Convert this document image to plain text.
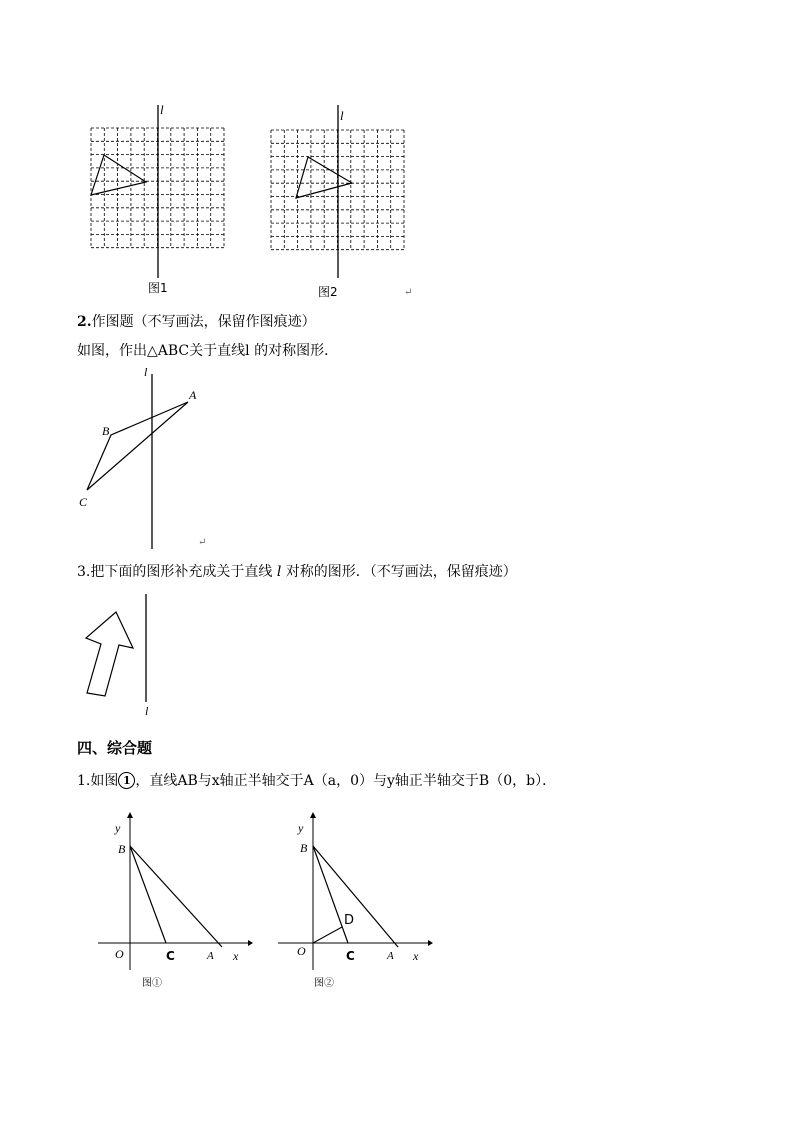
l
图1
l
图2	↵
2.作图题（不写画法，保留作图痕迹）
如图，作出△ABC关于直线l 的对称图形．
l
A
B
C
↵
3.把下面的图形补充成关于直线 l 对称的图形．（不写画法，保留痕迹）
l
四、综合题
1.如图 1 ，直线AB与x轴正半轴交于A（a，0）与y轴正半轴交于B（0，b）．
y
B
O	C	A x
图①
y
B
D
O	C	A x
图②
